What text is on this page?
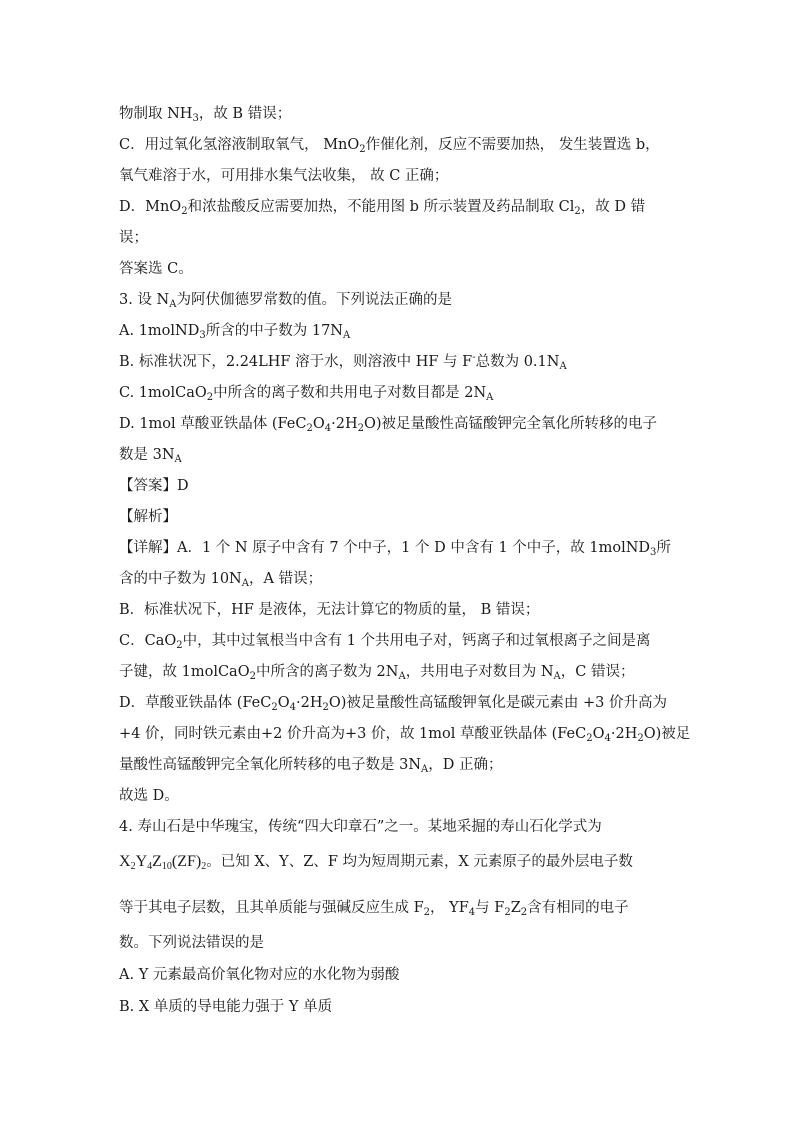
物制取 $NH_3$，故 B 错误；
C．用过氧化氢溶液制取氧气， MnO$_2$作催化剂，反应不需要加热， 发生装置选 b，
氧气难溶于水，可用排水集气法收集， 故 C 正确；
D．MnO$_2$和浓盐酸反应需要加热，不能用图 b 所示装置及药品制取 $Cl_2$，故 D 错
误；
答案选 C。
3. 设 $N_A$为阿伏伽德罗常数的值。下列说法正确的是
A. 1molND$_3$所含的中子数为 $17N_A$
B. 标准状况下，2.24LHF 溶于水，则溶液中 HF 与 F-总数为 $0.1N_A$
C. 1molCaO$_2$中所含的离子数和共用电子对数目都是 $2N_A$
D. 1mol 草酸亚铁晶体 $(FeC_2O_4\cdot 2H_2O)$被足量酸性高锰酸钾完全氧化所转移的电子
数是 $3N_A$
【答案】D
【解析】
【详解】A．1 个 N 原子中含有 7 个中子，1 个 D 中含有 1 个中子，故 1molND$_3$所
含的中子数为 $10N_A$，A 错误；
B．标准状况下，HF 是液体，无法计算它的物质的量， B 错误；
C．CaO$_2$中，其中过氧根当中含有 1 个共用电子对，钙离子和过氧根离子之间是离
子键，故 1molCaO$_2$中所含的离子数为 $2N_A$，共用电子对数目为 $N_A$，C 错误；
D．草酸亚铁晶体 $(FeC_2O_4\cdot 2H_2O)$被足量酸性高锰酸钾氧化是碳元素由 +3 价升高为
+4 价，同时铁元素由+2 价升高为+3 价，故 1mol 草酸亚铁晶体 $(FeC_2O_4\cdot 2H_2O)$被足
量酸性高锰酸钾完全氧化所转移的电子数是 $3N_A$，D 正确；
故选 D。
4. 寿山石是中华瑰宝，传统“四大印章石”之一。某地采掘的寿山石化学式为
$X_2Y_4Z_{10}(ZF)_2$。已知 X、Y、Z、F 均为短周期元素，X 元素原子的最外层电子数
等于其电子层数，且其单质能与强碱反应生成 $F_2$， $YF_4$与 $F_2Z_2$含有相同的电子
数。下列说法错误的是
A. Y 元素最高价氧化物对应的水化物为弱酸
B. X 单质的导电能力强于 Y 单质
